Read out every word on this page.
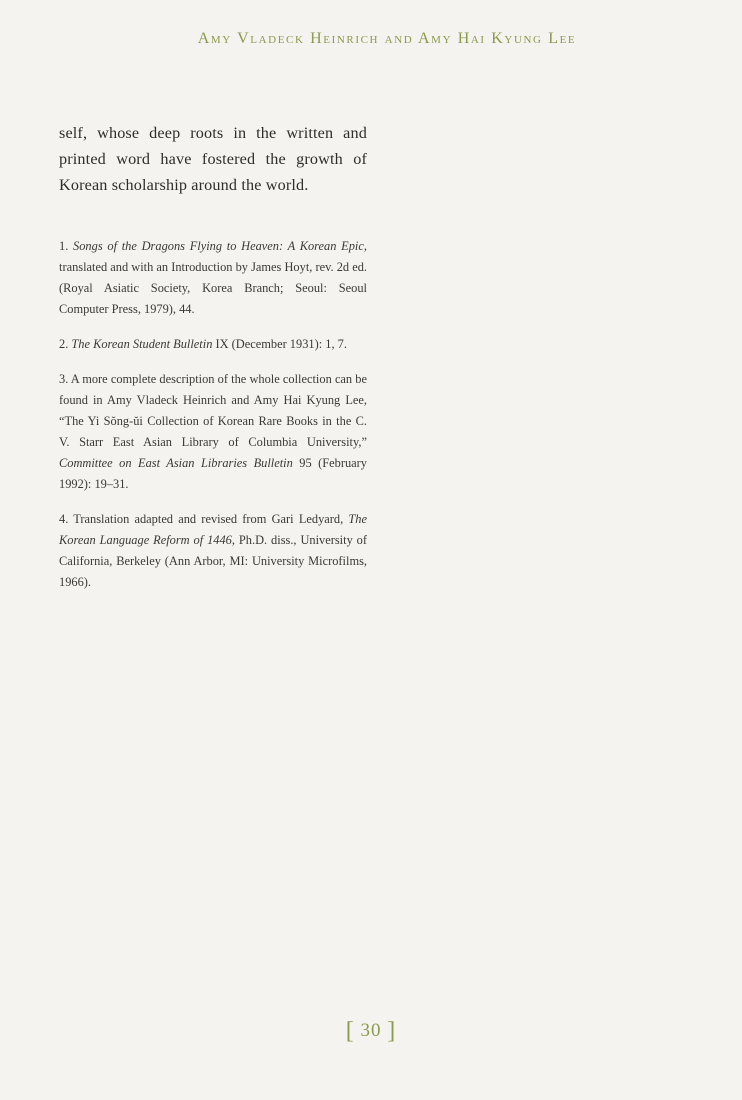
Amy Vladeck Heinrich and Amy Hai Kyung Lee

self, whose deep roots in the written and printed word have fostered the growth of Korean scholarship around the world.

1. Songs of the Dragons Flying to Heaven: A Korean Epic, translated and with an Introduction by James Hoyt, rev. 2d ed. (Royal Asiatic Society, Korea Branch; Seoul: Seoul Computer Press, 1979), 44.

2. The Korean Student Bulletin IX (December 1931): 1, 7.

3. A more complete description of the whole collection can be found in Amy Vladeck Heinrich and Amy Hai Kyung Lee, “The Yi Sŏng-ŭi Collection of Korean Rare Books in the C. V. Starr East Asian Library of Columbia University,” Committee on East Asian Libraries Bulletin 95 (February 1992): 19–31.

4. Translation adapted and revised from Gari Ledyard, The Korean Language Reform of 1446, Ph.D. diss., University of California, Berkeley (Ann Arbor, MI: University Microfilms, 1966).

[ 30 ]
